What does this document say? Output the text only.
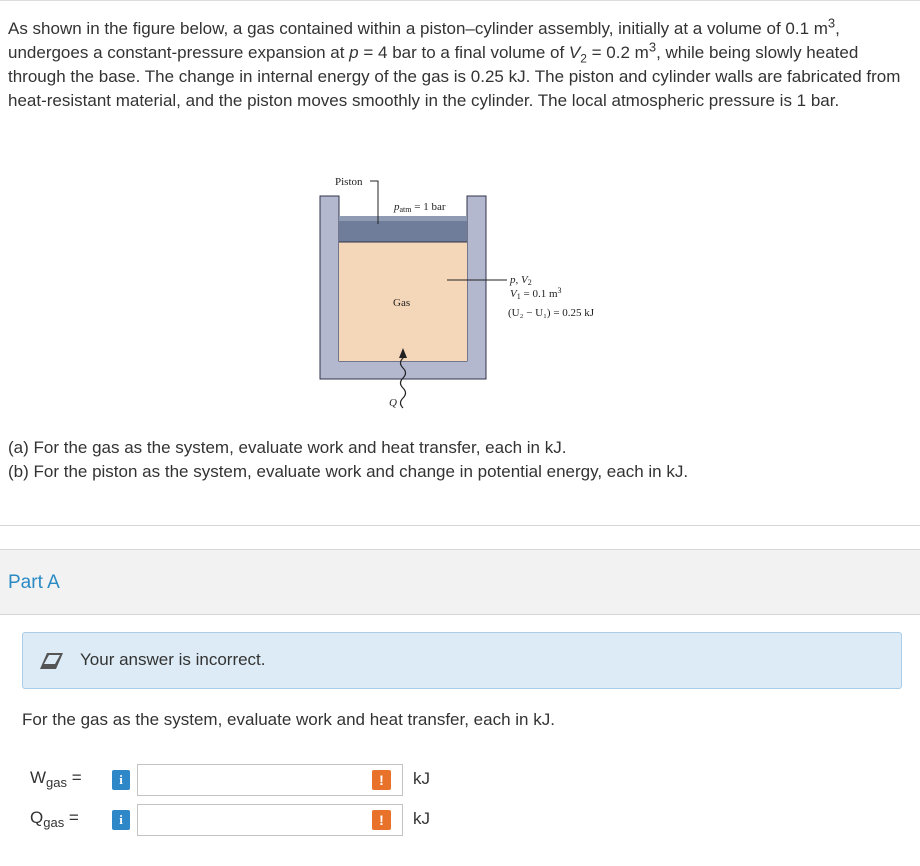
As shown in the figure below, a gas contained within a piston–cylinder assembly, initially at a volume of 0.1 $m^3$, undergoes a constant-pressure expansion at p = 4 bar to a final volume of $V_2 = 0.2$ $m^3$, while being slowly heated through the base. The change in internal energy of the gas is 0.25 kJ. The piston and cylinder walls are fabricated from heat-resistant material, and the piston moves smoothly in the cylinder. The local atmospheric pressure is 1 bar.
Piston
patm = 1 bar
Gas
p, V2
V1 = 0.1 $m^3$
(U₂ − U₁) = 0.25 kJ
Q
(a) For the gas as the system, evaluate work and heat transfer, each in kJ.
(b) For the piston as the system, evaluate work and change in potential energy, each in kJ.
Part A
Your answer is incorrect.
For the gas as the system, evaluate work and heat transfer, each in kJ.
$W_{gas}$ =	i	!	kJ
$Q_{gas}$ =	i	!	kJ
